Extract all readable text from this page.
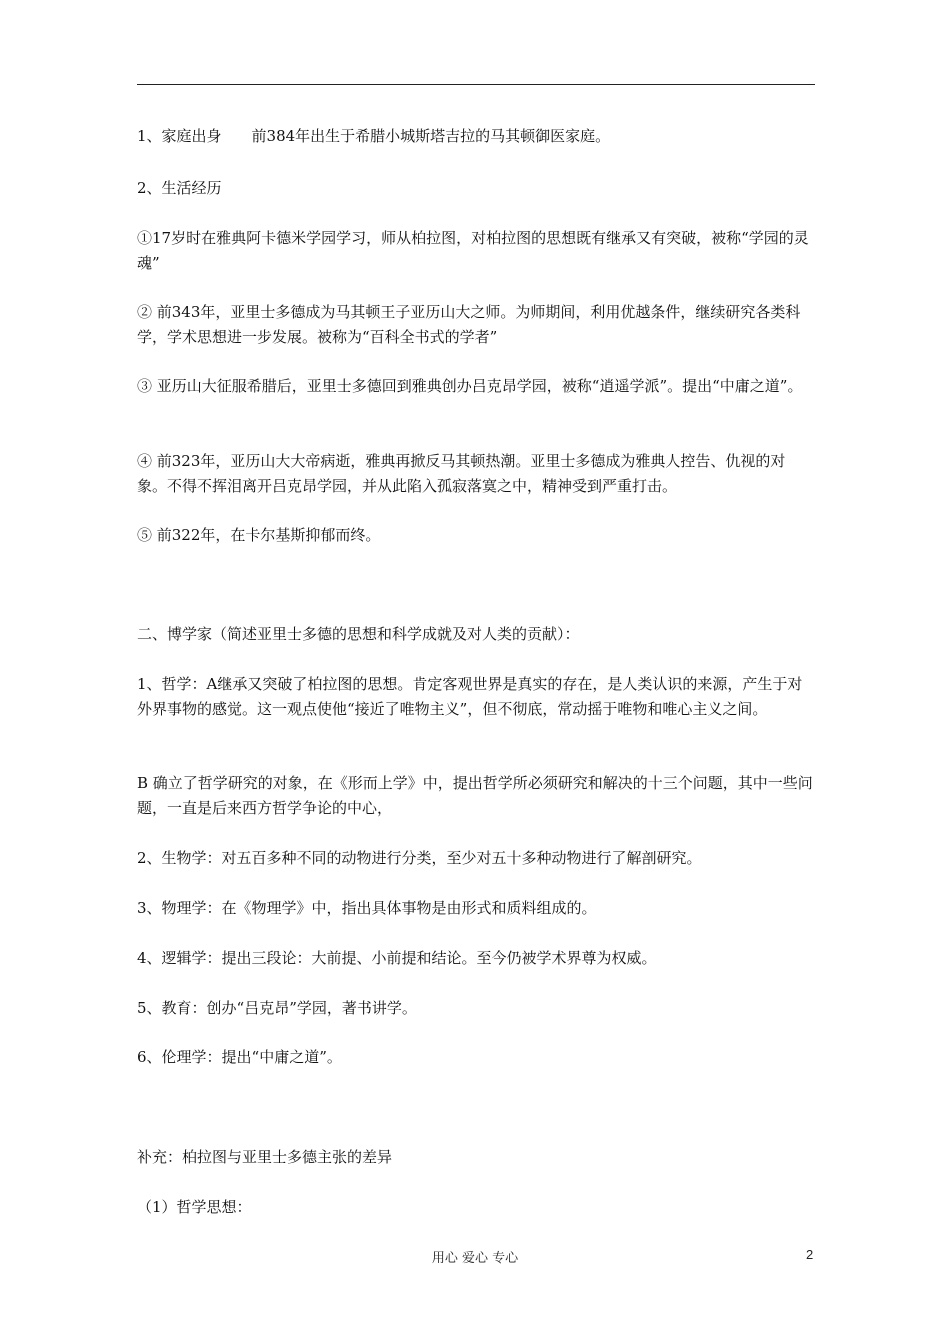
1、家庭出身　　前384年出生于希腊小城斯塔吉拉的马其顿御医家庭。

2、生活经历

①17岁时在雅典阿卡德米学园学习，师从柏拉图，对柏拉图的思想既有继承又有突破，被称“学园的灵魂”

② 前343年，亚里士多德成为马其顿王子亚历山大之师。为师期间，利用优越条件，继续研究各类科学，学术思想进一步发展。被称为“百科全书式的学者”

③ 亚历山大征服希腊后，亚里士多德回到雅典创办吕克昂学园，被称“逍遥学派”。提出“中庸之道”。

④ 前323年，亚历山大大帝病逝，雅典再掀反马其顿热潮。亚里士多德成为雅典人控告、仇视的对象。不得不挥泪离开吕克昂学园，并从此陷入孤寂落寞之中，精神受到严重打击。

⑤ 前322年，在卡尔基斯抑郁而终。

二、博学家（简述亚里士多德的思想和科学成就及对人类的贡献）：

1、哲学：A继承又突破了柏拉图的思想。肯定客观世界是真实的存在，是人类认识的来源，产生于对外界事物的感觉。这一观点使他“接近了唯物主义”，但不彻底，常动摇于唯物和唯心主义之间。

B 确立了哲学研究的对象，在《形而上学》中，提出哲学所必须研究和解决的十三个问题，其中一些问题，一直是后来西方哲学争论的中心，

2、生物学：对五百多种不同的动物进行分类，至少对五十多种动物进行了解剖研究。

3、物理学：在《物理学》中，指出具体事物是由形式和质料组成的。

4、逻辑学：提出三段论：大前提、小前提和结论。至今仍被学术界尊为权威。

5、教育：创办“吕克昂”学园，著书讲学。

6、伦理学：提出“中庸之道”。

补充：柏拉图与亚里士多德主张的差异

（1）哲学思想：

用心 爱心 专心	2
